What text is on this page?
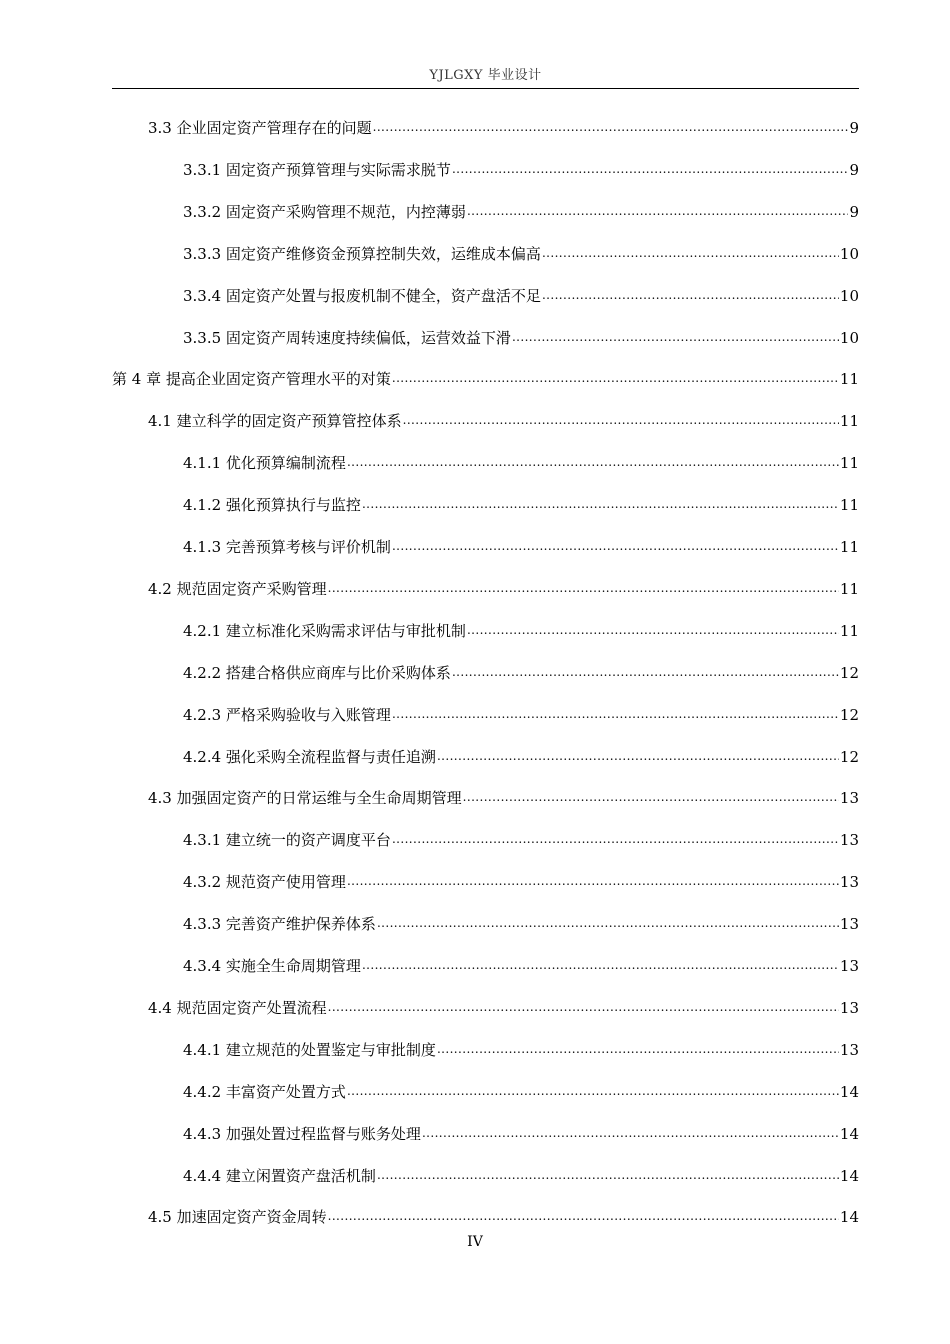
YJLGXY 毕业设计
3.3 企业固定资产管理存在的问题 .....	9
3.3.1 固定资产预算管理与实际需求脱节 .....	9
3.3.2 固定资产采购管理不规范，内控薄弱 .....	9
3.3.3 固定资产维修资金预算控制失效，运维成本偏高 .....	10
3.3.4 固定资产处置与报废机制不健全，资产盘活不足 .....	10
3.3.5 固定资产周转速度持续偏低，运营效益下滑 .....	10
第 4 章 提高企业固定资产管理水平的对策 .....	11
4.1 建立科学的固定资产预算管控体系 .....	11
4.1.1 优化预算编制流程 .....	11
4.1.2 强化预算执行与监控 .....	11
4.1.3 完善预算考核与评价机制 .....	11
4.2 规范固定资产采购管理 .....	11
4.2.1 建立标准化采购需求评估与审批机制 .....	11
4.2.2 搭建合格供应商库与比价采购体系 .....	12
4.2.3 严格采购验收与入账管理 .....	12
4.2.4 强化采购全流程监督与责任追溯 .....	12
4.3 加强固定资产的日常运维与全生命周期管理 .....	13
4.3.1 建立统一的资产调度平台 .....	13
4.3.2 规范资产使用管理 .....	13
4.3.3 完善资产维护保养体系 .....	13
4.3.4 实施全生命周期管理 .....	13
4.4 规范固定资产处置流程 .....	13
4.4.1 建立规范的处置鉴定与审批制度 .....	13
4.4.2 丰富资产处置方式 .....	14
4.4.3 加强处置过程监督与账务处理 .....	14
4.4.4 建立闲置资产盘活机制 .....	14
4.5 加速固定资产资金周转 .....	14
IV
